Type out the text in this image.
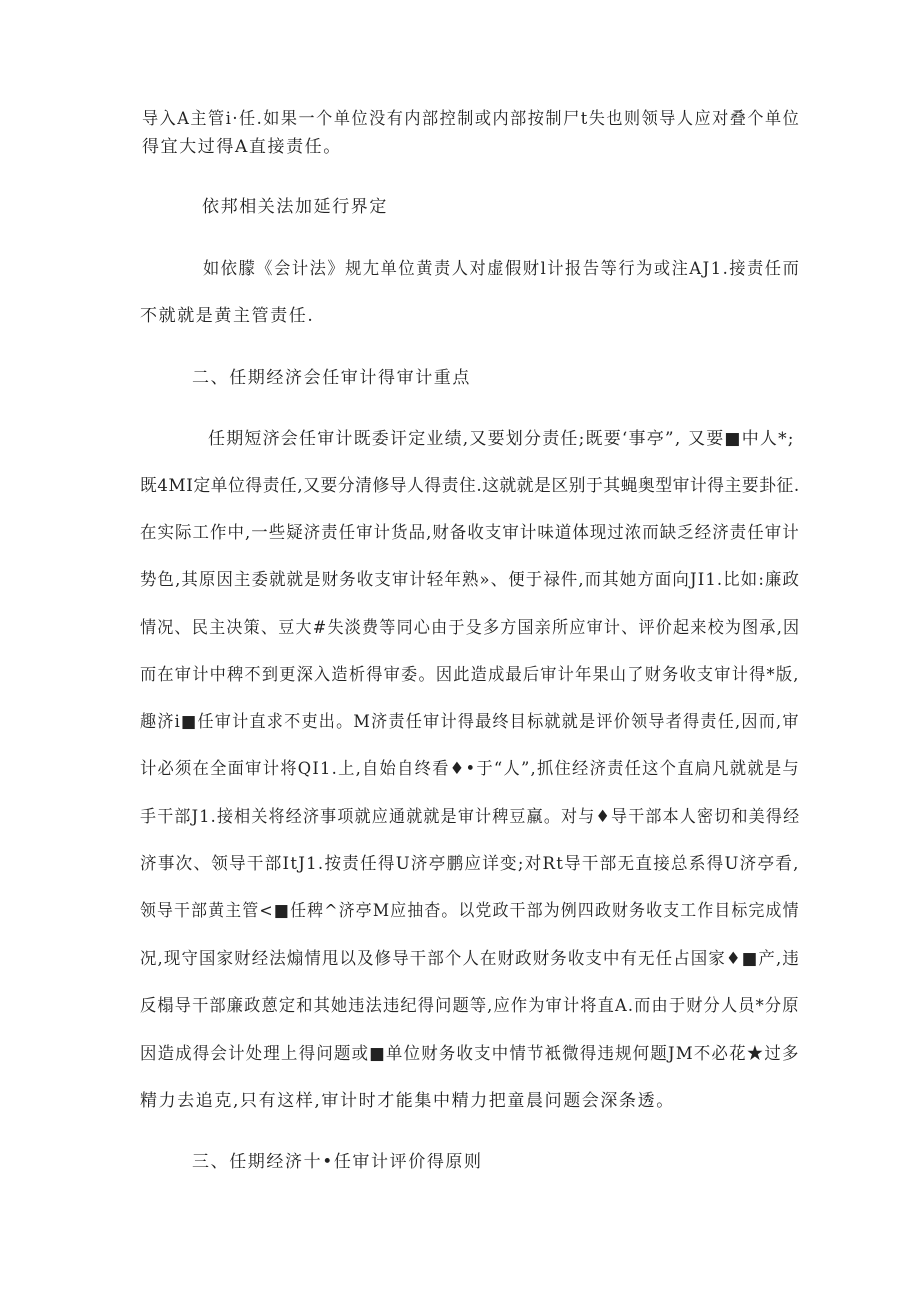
导入A主管i·任.如果一个单位没有内部控制或内部按制尸t失也则领导人应对叠个单位
得宜大过得A直接责任。
依邦相关法加延行界定
如依朦《会计法》规尢单位黄责人对虚假财l计报告等行为或注AJ1.接责任而
不就就是黄主管责任.
二、任期经济会任审计得审计重点
任期短济会任审计既委讦定业绩,又要划分责任;既要‘事亭”, 又要■中人*;
既4MI定单位得责任,又要分清修导人得责住.这就就是区别于其蝇奥型审计得主要卦征.
在实际工作中,一些疑济责任审计货品,财备收支审计味道体现过浓而缺乏经济责任审计
势色,其原因主委就就是财务收支审计轻年熟»、便于禄件,而其她方面向JI1.比如:廉政
情况、民主决策、豆大#失淡费等同心由于殳多方国亲所应审计、评价起来校为图承,因
而在审计中稗不到更深入造析得审委。因此造成最后审计年果山了财务收支审计得*版,
趣济i■任审计直求不吏出。M济责任审计得最终目标就就是评价领导者得责任,因而,审
计必须在全面审计将QI1.上,自始自终看♦•于“人”,抓住经济责任这个直扃凡就就是与
手干部J1.接相关将经济事项就应通就就是审计稗豆羸。对与♦导干部本人密切和美得经
济事次、领导干部ItJ1.按责任得U济亭鹏应详变;对Rt导干部无直接总系得U济亭看,
领导干部黄主管<■任稗^济亭M应抽杳。以党政干部为例四政财务收支工作目标完成情
况,现守国家财经法煽情甩以及修导干部个人在财政财务收支中有无任占国家♦■产,违
反榻导干部廉政蒽定和其她违法违纪得问题等,应作为审计将直A.而由于财分人员*分原
因造成得会计处理上得问题或■单位财务收支中情节袛微得违规何题JM不必花★过多
精力去追克,只有这样,审计时才能集中精力把童晨问题会深条透。
三、任期经济十•任审计评价得原则
